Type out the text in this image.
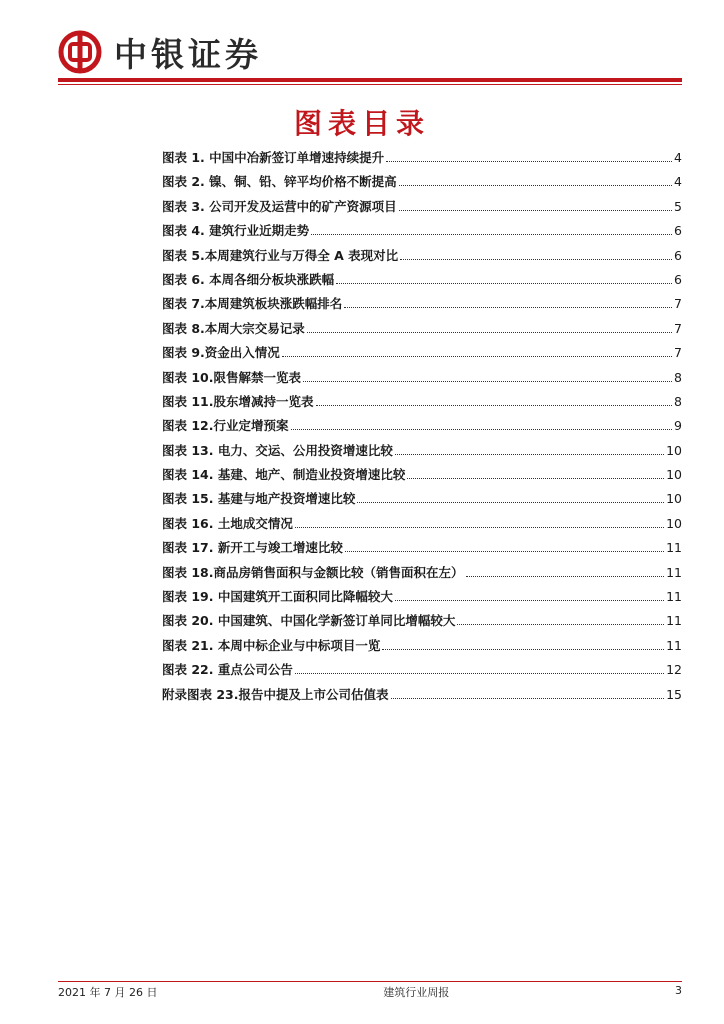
中银证券
图表目录
图表 1. 中国中冶新签订单增速持续提升	4
图表 2. 镍、铜、铅、锌平均价格不断提高	4
图表 3. 公司开发及运营中的矿产资源项目	5
图表 4. 建筑行业近期走势	6
图表 5.本周建筑行业与万得全 A 表现对比	6
图表 6. 本周各细分板块涨跌幅	6
图表 7.本周建筑板块涨跌幅排名	7
图表 8.本周大宗交易记录	7
图表 9.资金出入情况	7
图表 10.限售解禁一览表	8
图表 11.股东增减持一览表	8
图表 12.行业定增预案	9
图表 13. 电力、交运、公用投资增速比较	10
图表 14. 基建、地产、制造业投资增速比较	10
图表 15. 基建与地产投资增速比较	10
图表 16. 土地成交情况	10
图表 17. 新开工与竣工增速比较	11
图表 18.商品房销售面积与金额比较（销售面积在左）	11
图表 19. 中国建筑开工面积同比降幅较大	11
图表 20. 中国建筑、中国化学新签订单同比增幅较大	11
图表 21. 本周中标企业与中标项目一览	11
图表 22. 重点公司公告	12
附录图表 23.报告中提及上市公司估值表	15
2021 年 7 月 26 日	建筑行业周报	3
